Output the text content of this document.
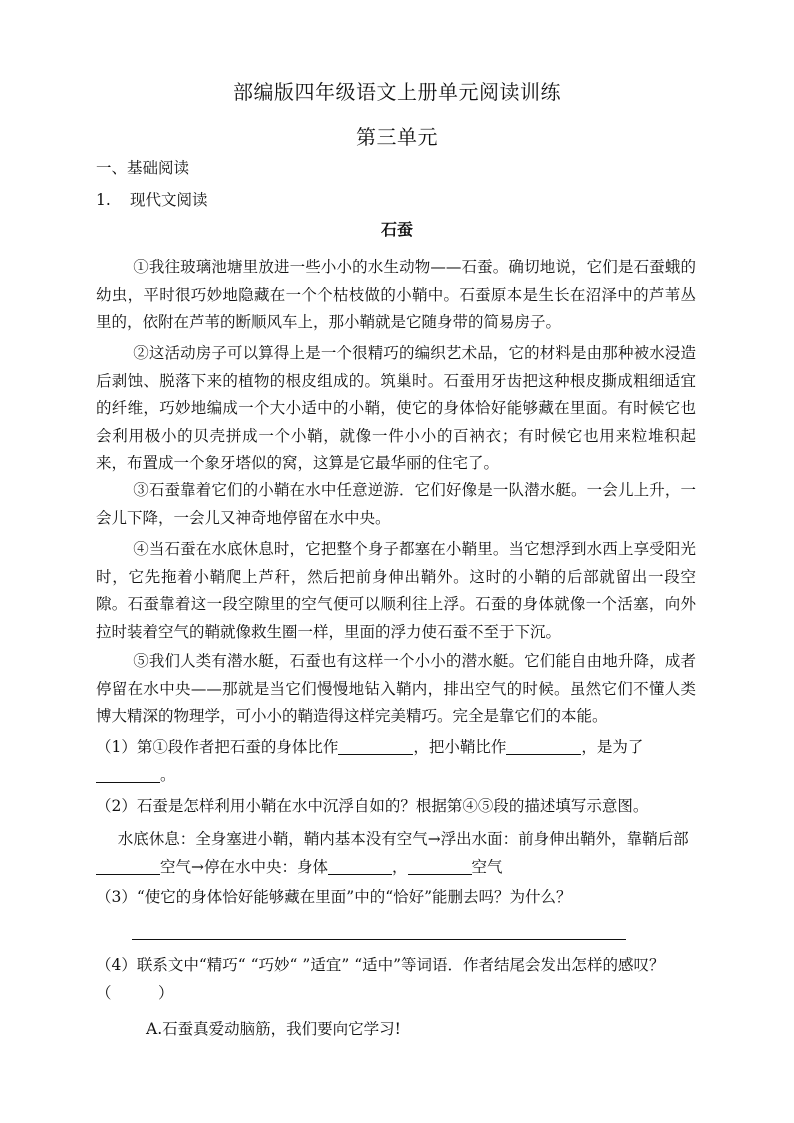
部编版四年级语文上册单元阅读训练
第三单元
一、基础阅读
1. 现代文阅读
石蚕
①我往玻璃池塘里放进一些小小的水生动物——石蚕。确切地说，它们是石蚕蛾的幼虫，平时很巧妙地隐藏在一个个枯枝做的小鞘中。石蚕原本是生长在沼泽中的芦苇丛里的，依附在芦苇的断顺风车上，那小鞘就是它随身带的简易房子。
②这活动房子可以算得上是一个很精巧的编织艺术品，它的材料是由那种被水浸造后剥蚀、脱落下来的植物的根皮组成的。筑巢时。石蚕用牙齿把这种根皮撕成粗细适宜的纤维，巧妙地编成一个大小适中的小鞘，使它的身体恰好能够藏在里面。有时候它也会利用极小的贝壳拼成一个小鞘，就像一件小小的百衲衣；有时候它也用来粒堆积起来，布置成一个象牙塔似的窝，这算是它最华丽的住宅了。
③石蚕靠着它们的小鞘在水中任意逆游．它们好像是一队潜水艇。一会儿上升，一会儿下降，一会儿又神奇地停留在水中央。
④当石蚕在水底休息时，它把整个身子都塞在小鞘里。当它想浮到水西上享受阳光时，它先拖着小鞘爬上芦秆，然后把前身伸出鞘外。这时的小鞘的后部就留出一段空隙。石蚕靠着这一段空隙里的空气便可以顺利往上浮。石蚕的身体就像一个活塞，向外拉时装着空气的鞘就像救生圈一样，里面的浮力使石蚕不至于下沉。
⑤我们人类有潜水艇，石蚕也有这样一个小小的潜水艇。它们能自由地升降，成者停留在水中央——那就是当它们慢慢地钻入鞘内，排出空气的时候。虽然它们不懂人类博大精深的物理学，可小小的鞘造得这样完美精巧。完全是靠它们的本能。
（1）第①段作者把石蚕的身体比作	，把小鞘比作	，是为了
。
（2）石蚕是怎样利用小鞘在水中沉浮自如的？根据第④⑤段的描述填写示意图。
水底休息：全身塞进小鞘，鞘内基本没有空气→浮出水面：前身伸出鞘外，靠鞘后部空气→停在水中央：身体	，	空气
（3）“使它的身体恰好能够藏在里面”中的“恰好”能删去吗？为什么？
（4）联系文中“精巧“ “巧妙“ ”适宜” “适中”等词语．作者结尾会发出怎样的感叹？（　　　）
A.石蚕真爱动脑筋，我们要向它学习!
